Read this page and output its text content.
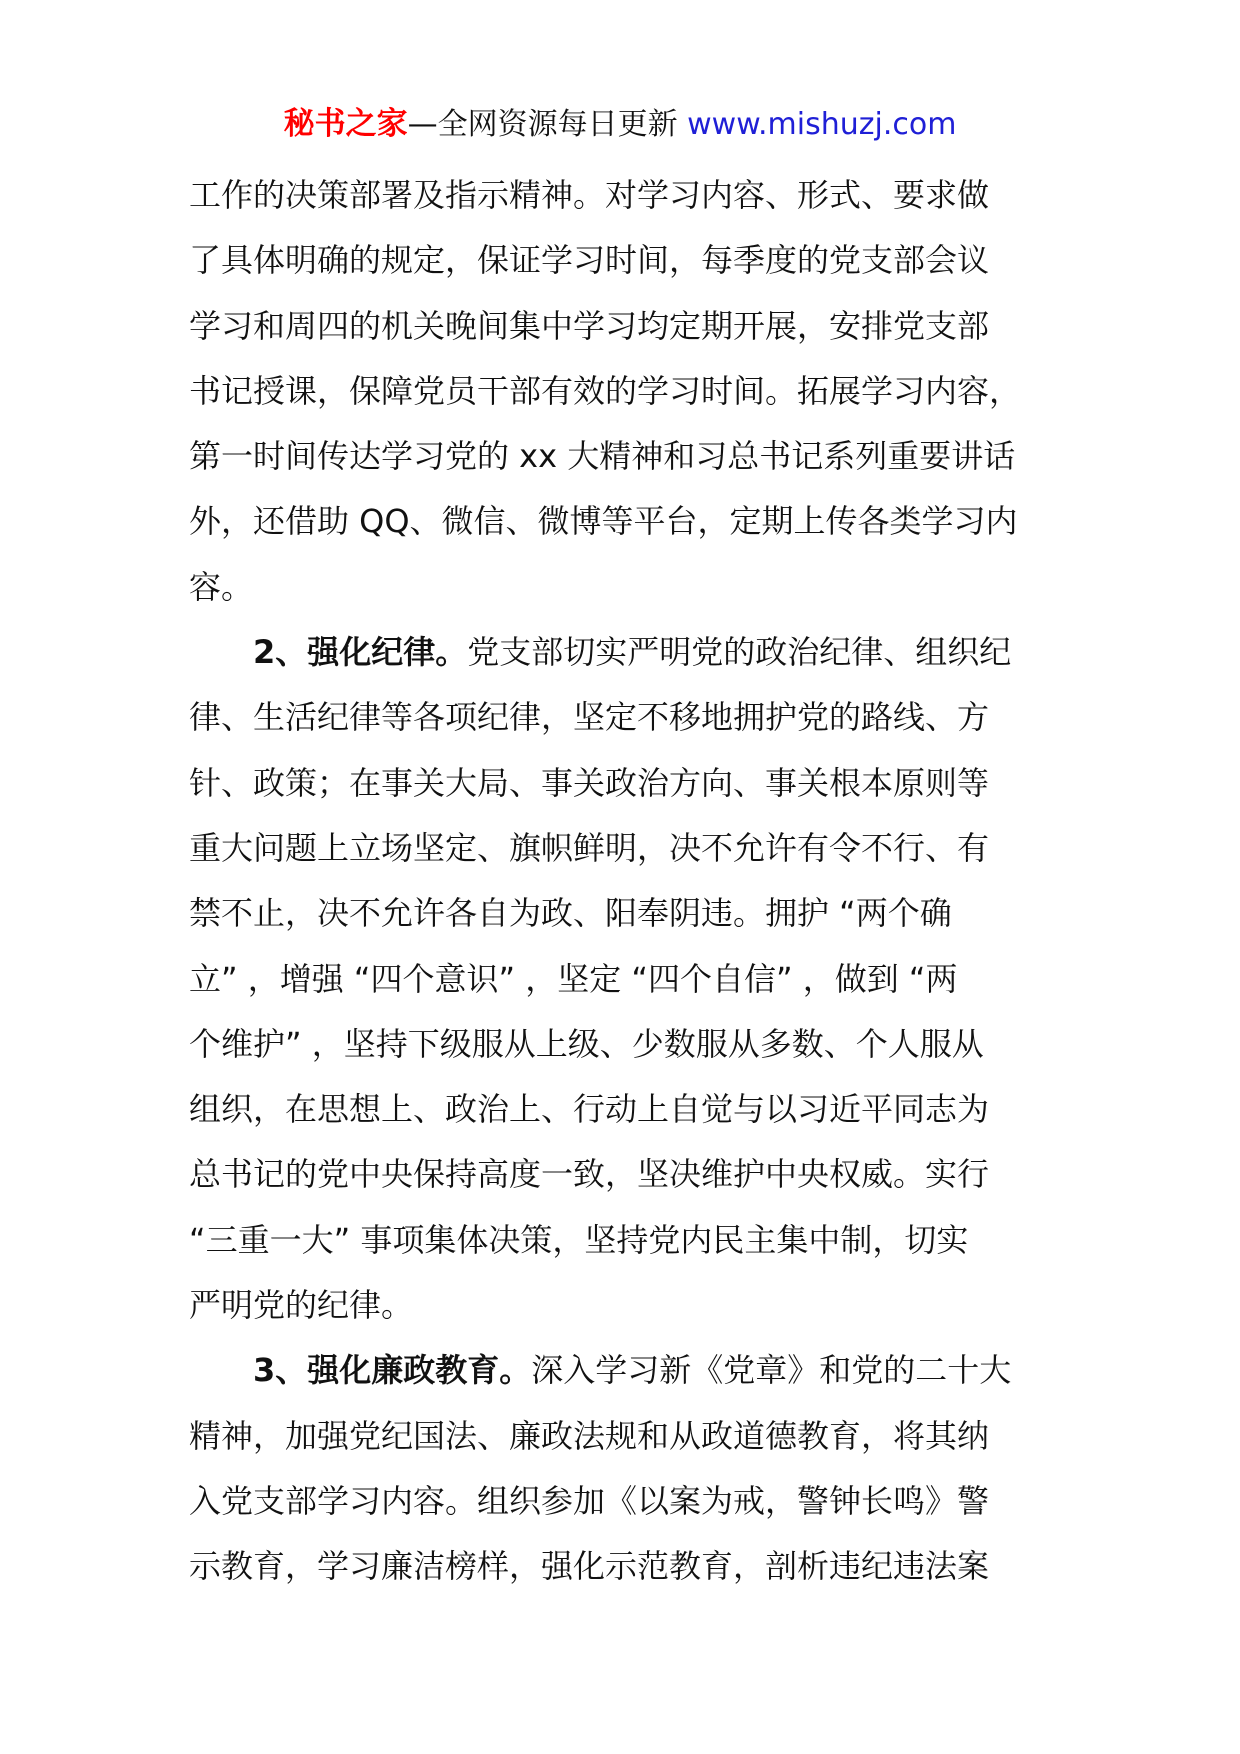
秘书之家—全网资源每日更新 www.mishuzj.com
工作的决策部署及指示精神。对学习内容、形式、要求做
了具体明确的规定，保证学习时间，每季度的党支部会议
学习和周四的机关晚间集中学习均定期开展，安排党支部
书记授课，保障党员干部有效的学习时间。拓展学习内容，
第一时间传达学习党的 xx 大精神和习总书记系列重要讲话
外，还借助 QQ、微信、微博等平台，定期上传各类学习内
容。
2、强化纪律。党支部切实严明党的政治纪律、组织纪
律、生活纪律等各项纪律，坚定不移地拥护党的路线、方
针、政策；在事关大局、事关政治方向、事关根本原则等
重大问题上立场坚定、旗帜鲜明，决不允许有令不行、有
禁不止，决不允许各自为政、阳奉阴违。拥护 “两个确
立” ，增强 “四个意识” ，坚定 “四个自信” ，做到 “两
个维护” ，坚持下级服从上级、少数服从多数、个人服从
组织，在思想上、政治上、行动上自觉与以习近平同志为
总书记的党中央保持高度一致，坚决维护中央权威。实行
“三重一大” 事项集体决策，坚持党内民主集中制，切实
严明党的纪律。
3、强化廉政教育。深入学习新《党章》和党的二十大
精神，加强党纪国法、廉政法规和从政道德教育，将其纳
入党支部学习内容。组织参加《以案为戒，警钟长鸣》警
示教育，学习廉洁榜样，强化示范教育，剖析违纪违法案
